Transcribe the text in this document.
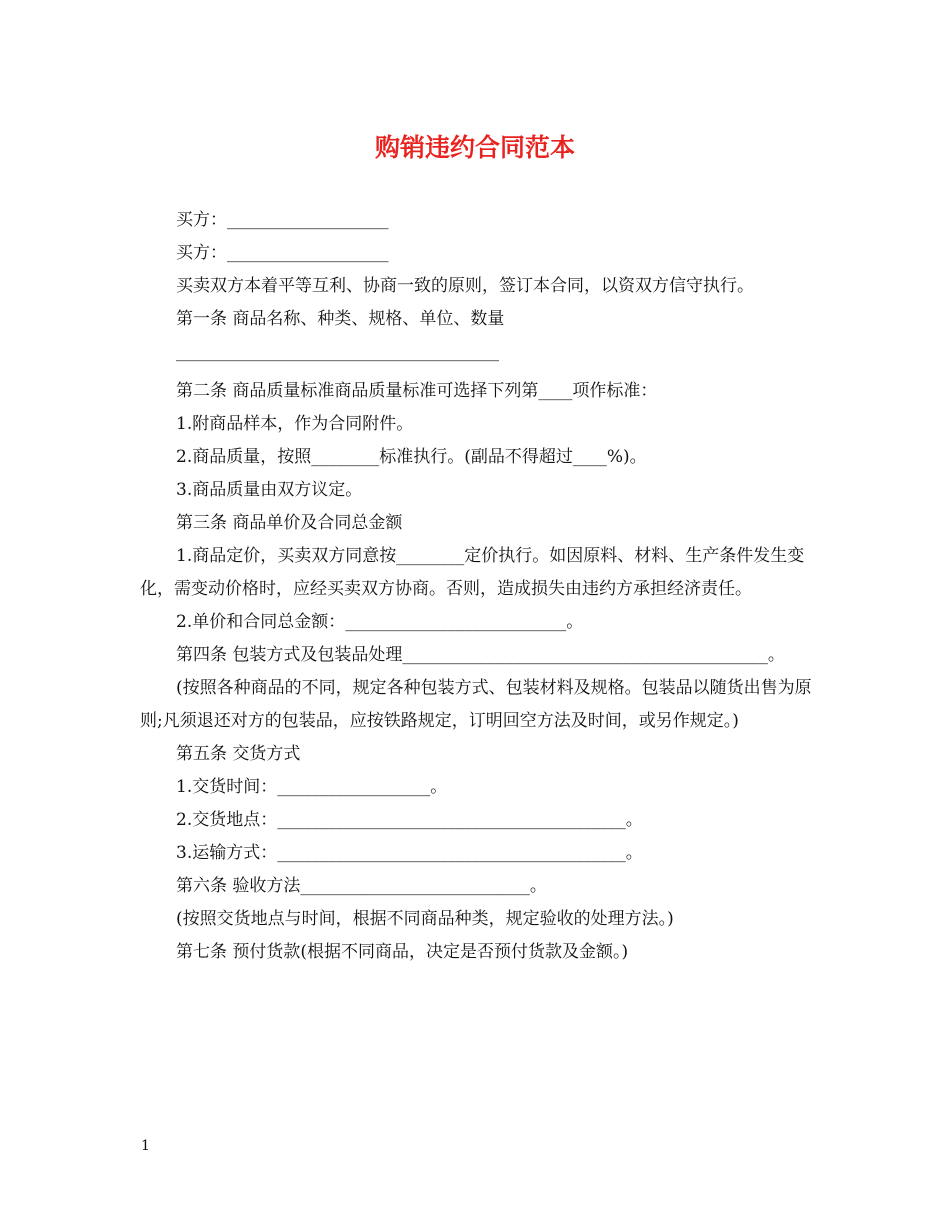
购销违约合同范本

买方：___________________

买方：___________________

买卖双方本着平等互利、协商一致的原则，签订本合同，以资双方信守执行。

第一条 商品名称、种类、规格、单位、数量

______________________________________

第二条 商品质量标准商品质量标准可选择下列第____项作标准：

1.附商品样本，作为合同附件。

2.商品质量，按照________标准执行。(副品不得超过____%)。

3.商品质量由双方议定。

第三条 商品单价及合同总金额

1.商品定价，买卖双方同意按________定价执行。如因原料、材料、生产条件发生变化，需变动价格时，应经买卖双方协商。否则，造成损失由违约方承担经济责任。

2.单价和合同总金额：__________________________。

第四条 包装方式及包装品处理___________________________________________。

(按照各种商品的不同，规定各种包装方式、包装材料及规格。包装品以随货出售为原则;凡须退还对方的包装品，应按铁路规定，订明回空方法及时间，或另作规定。)

第五条 交货方式

1.交货时间：__________________。

2.交货地点：_________________________________________。

3.运输方式：_________________________________________。

第六条 验收方法___________________________。

(按照交货地点与时间，根据不同商品种类，规定验收的处理方法。)

第七条 预付货款(根据不同商品，决定是否预付货款及金额。)

1
